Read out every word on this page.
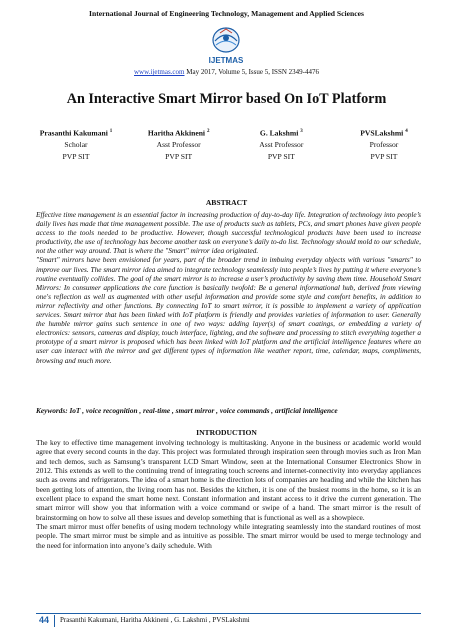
International Journal of Engineering Technology, Management and Applied Sciences
IJETMAS
www.ijetmas.com May 2017, Volume 5, Issue 5, ISSN 2349-4476
An Interactive Smart Mirror based On IoT Platform
Prasanthi Kakumani $^1$
Scholar
PVP SIT
Haritha Akkineni $^2$
Asst Professor
PVP SIT
G. Lakshmi $^3$
Asst Professor
PVP SIT
PVSLakshmi $^4$
Professor
PVP SIT
ABSTRACT

Effective time management is an essential factor in increasing production of day-to-day life. Integration of technology into people’s daily lives has made that time management possible. The use of products such as tablets, PCs, and smart phones have given people access to the tools needed to be productive. However, though successful technological products have been used to increase productivity, the use of technology has become another task on everyone’s daily to-do list. Technology should mold to our schedule, not the other way around. That is where the "Smart" mirror idea originated.

"Smart" mirrors have been envisioned for years, part of the broader trend in imbuing everyday objects with various "smarts" to improve our lives. The smart mirror idea aimed to integrate technology seamlessly into people’s lives by putting it where everyone’s routine eventually collides. The goal of the smart mirror is to increase a user’s productivity by saving them time. Household Smart Mirrors: In consumer applications the core function is basically twofold: Be a general informational hub, derived from viewing one's reflection as well as augmented with other useful information and provide some style and comfort benefits, in addition to mirror reflectivity and other functions. By connecting IoT to smart mirror, it is possible to implement a variety of application services. Smart mirror that has been linked with IoT platform is friendly and provides varieties of information to user. Generally the humble mirror gains such sentence in one of two ways: adding layer(s) of smart coatings, or embedding a variety of electronics: sensors, cameras and display, touch interface, lighting, and the software and processing to stitch everything together a prototype of a smart mirror is proposed which has been linked with IoT platform and the artificial intelligence features where an user can interact with the mirror and get different types of information like weather report, time, calendar, maps, compliments, browsing and much more.

Keywords: IoT , voice recognition , real-time , smart mirror , voice commands , artificial intelligence
INTRODUCTION

The key to effective time management involving technology is multitasking. Anyone in the business or academic world would agree that every second counts in the day. This project was formulated through inspiration seen through movies such as Iron Man and tech demos, such as Samsung’s transparent LCD Smart Window, seen at the International Consumer Electronics Show in 2012. This extends as well to the continuing trend of integrating touch screens and internet-connectivity into everyday appliances such as ovens and refrigerators. The idea of a smart home is the direction lots of companies are heading and while the kitchen has been getting lots of attention, the living room has not. Besides the kitchen, it is one of the busiest rooms in the home, so it is an excellent place to expand the smart home next. Constant information and instant access to it drive the current generation. The smart mirror will show you that information with a voice command or swipe of a hand. The smart mirror is the result of brainstorming on how to solve all these issues and develop something that is functional as well as a showpiece.

The smart mirror must offer benefits of using modern technology while integrating seamlessly into the standard routines of most people. The smart mirror must be simple and as intuitive as possible. The smart mirror would be used to merge technology and the need for information into anyone’s daily schedule. With

44	Prasanthi Kakumani, Haritha Akkineni , G. Lakshmi , PVSLakshmi
